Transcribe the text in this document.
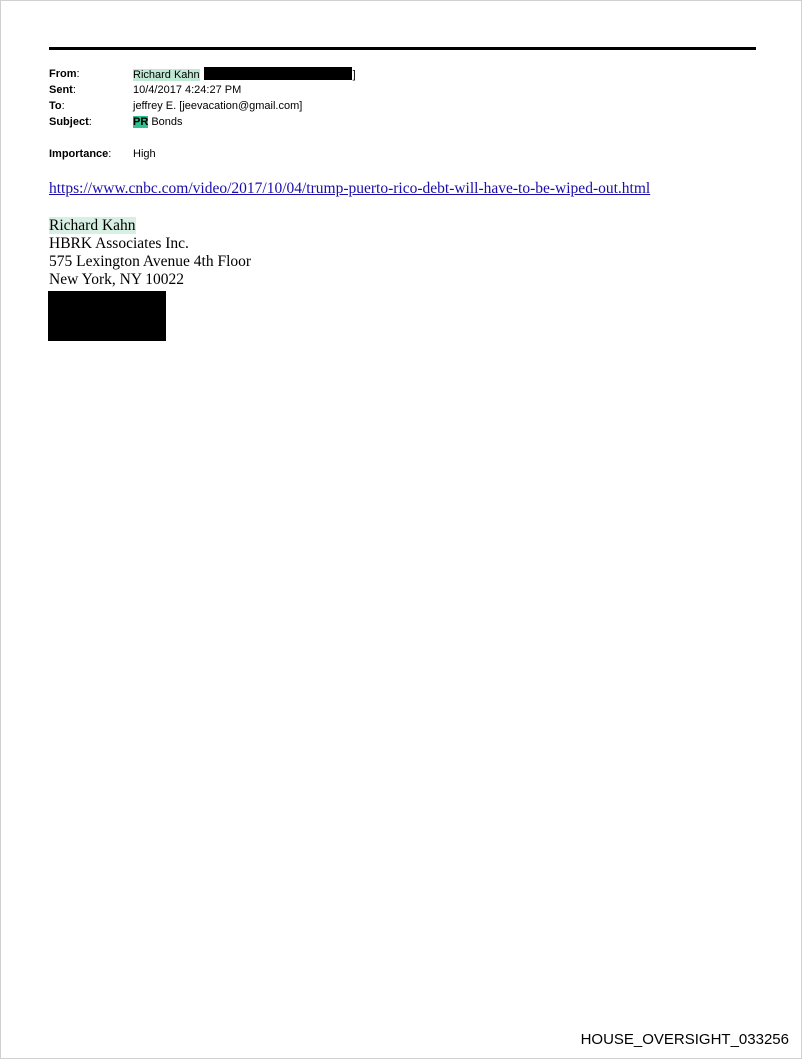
From:	Richard Kahn	]
Sent:	10/4/2017 4:24:27 PM
To:	jeffrey E. [jeevacation@gmail.com]
Subject:	PR Bonds
Importance: High
https://www.cnbc.com/video/2017/10/04/trump-puerto-rico-debt-will-have-to-be-wiped-out.html
Richard Kahn
HBRK Associates Inc.
575 Lexington Avenue 4th Floor
New York, NY 10022
HOUSE_OVERSIGHT_033256
